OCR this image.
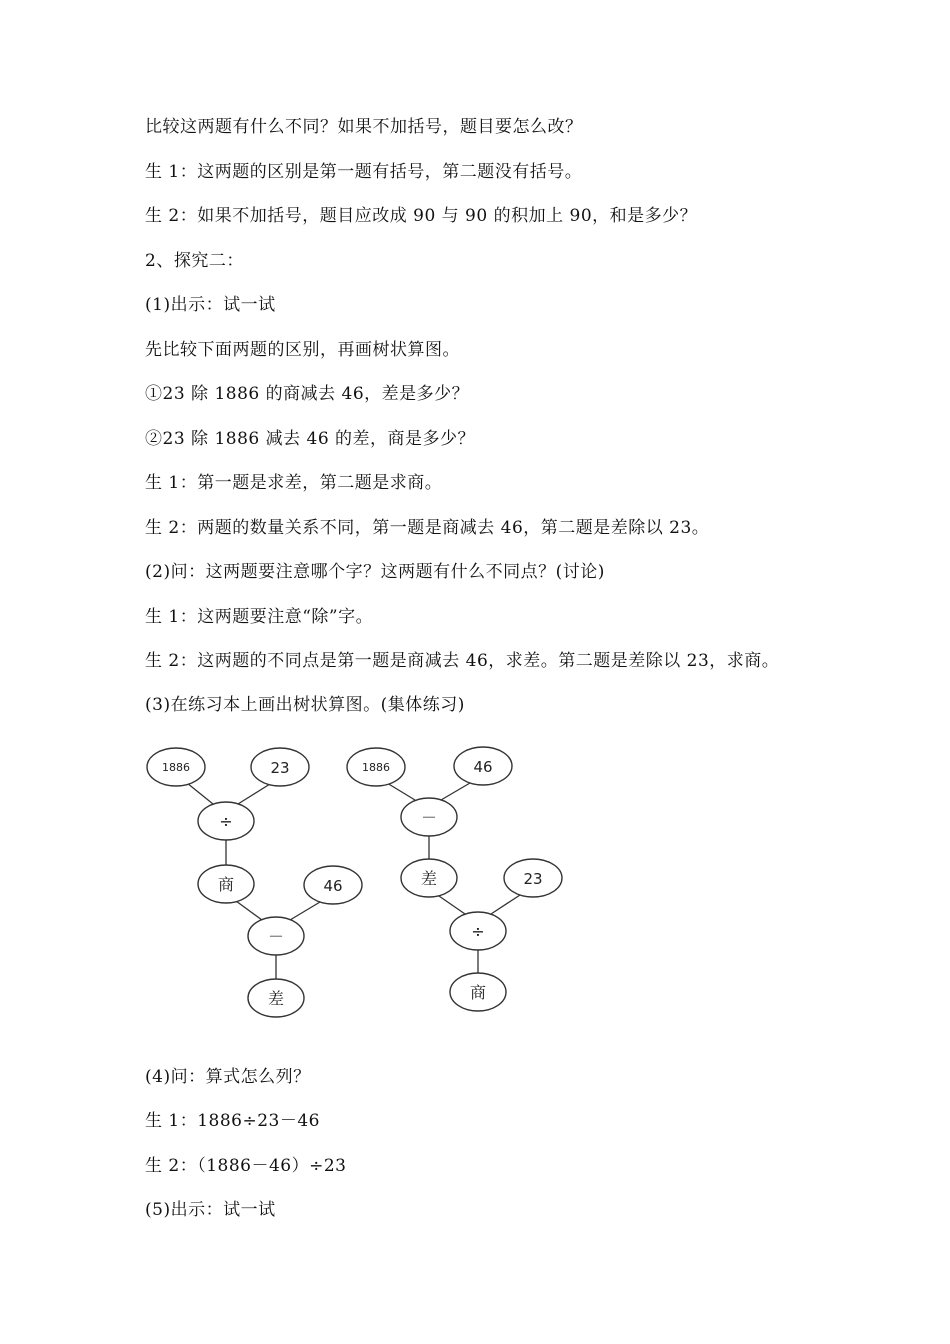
比较这两题有什么不同？如果不加括号，题目要怎么改？
生 1：这两题的区别是第一题有括号，第二题没有括号。
生 2：如果不加括号，题目应改成 90 与 90 的积加上 90，和是多少？
2、探究二：
(1)出示：试一试
先比较下面两题的区别，再画树状算图。
①23 除 1886 的商减去 46，差是多少？
②23 除 1886 减去 46 的差，商是多少？
生 1：第一题是求差，第二题是求商。
生 2：两题的数量关系不同，第一题是商减去 46，第二题是差除以 23。
(2)问：这两题要注意哪个字？这两题有什么不同点？(讨论)
生 1：这两题要注意“除”字。
生 2：这两题的不同点是第一题是商减去 46，求差。第二题是差除以 23，求商。
(3)在练习本上画出树状算图。(集体练习)
1886	23
÷
商	46
－
差
1886	46
－
差	23
÷
商
(4)问：算式怎么列？
生 1：1886÷23－46
生 2：（1886－46）÷23
(5)出示：试一试
